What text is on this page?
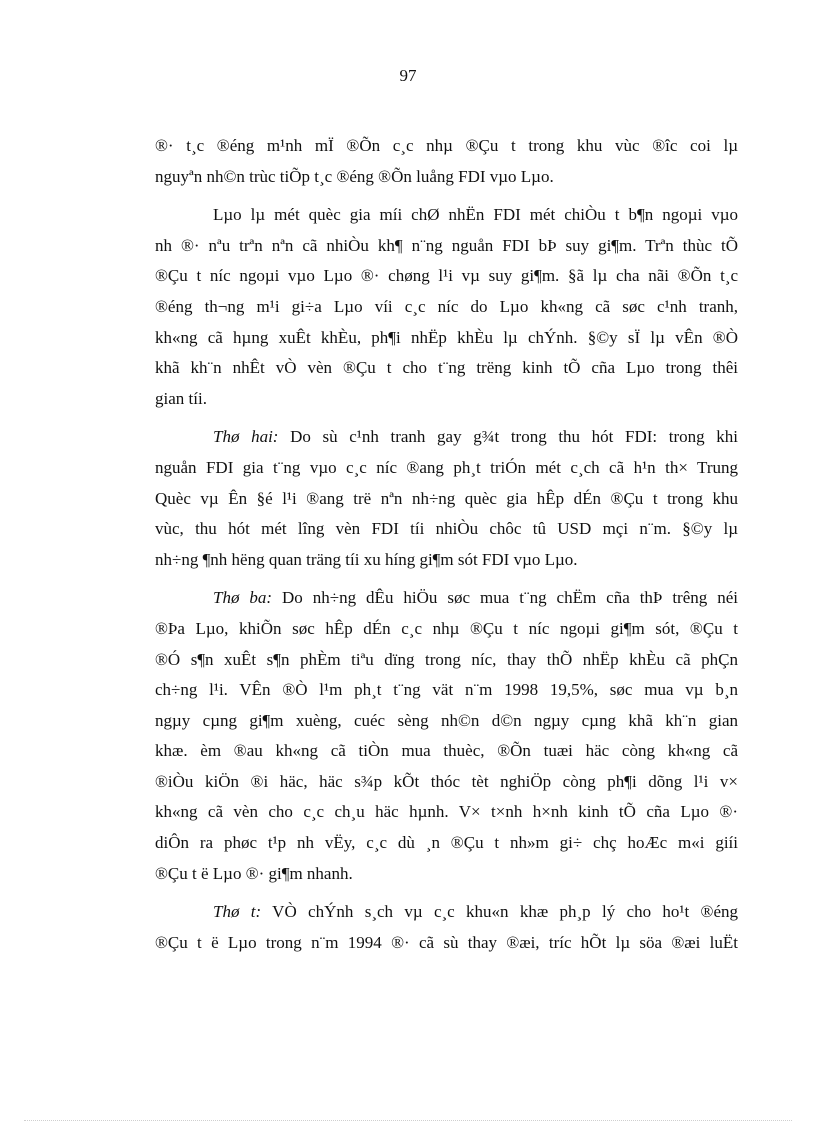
97

®· t¸c ®éng m¹nh mÏ ®Õn c¸c nhµ ®Çu t trong khu vùc ®îc coi lµ
nguyªn nh©n trùc tiÕp t¸c ®éng ®Õn luång FDI vµo Lµo.

Lµo lµ mét quèc gia míi chØ nhËn FDI mét chiÒu t b¶n ngoµi vµo
nh ®· nªu trªn nªn cã nhiÒu kh¶ n¨ng nguån FDI bÞ suy gi¶m. Trªn thùc tÕ
®Çu t níc ngoµi vµo Lµo ®· chøng l¹i vµ suy gi¶m. §ã lµ cha nãi ®Õn t¸c
®éng th¬ng m¹i gi÷a Lµo víi c¸c níc do Lµo kh«ng cã søc c¹nh tranh,
kh«ng cã hµng xuÊt khÈu, ph¶i nhËp khÈu lµ chÝnh. §©y sÏ lµ vÊn ®Ò
khã kh¨n nhÊt vÒ vèn ®Çu t cho t¨ng trëng kinh tÕ cña Lµo trong thêi
gian tíi.

Thø hai: Do sù c¹nh tranh gay g¾t trong thu hót FDI: trong khi
nguån FDI gia t¨ng vµo c¸c níc ®ang ph¸t triÓn mét c¸ch cã h¹n th× Trung
Quèc vµ Ên §é l¹i ®ang trë nªn nh÷ng quèc gia hÊp dÉn ®Çu t trong khu
vùc, thu hót mét lîng vèn FDI tíi nhiÒu chôc tû USD mçi n¨m. §©y lµ
nh÷ng ¶nh hëng quan träng tíi xu híng gi¶m sót FDI vµo Lµo.

Thø ba: Do nh÷ng dÊu hiÖu søc mua t¨ng chËm cña thÞ trêng néi
®Þa Lµo, khiÕn søc hÊp dÉn c¸c nhµ ®Çu t níc ngoµi gi¶m sót, ®Çu t
®Ó s¶n xuÊt s¶n phÈm tiªu dïng trong níc, thay thÕ nhËp khÈu cã phÇn
ch÷ng l¹i. VÊn ®Ò l¹m ph¸t t¨ng vät n¨m 1998 19,5%, søc mua vµ b¸n
ngµy cµng gi¶m xuèng, cuéc sèng nh©n d©n ngµy cµng khã kh¨n gian
khæ. èm ®au kh«ng cã tiÒn mua thuèc, ®Õn tuæi häc còng kh«ng cã
®iÒu kiÖn ®i häc, häc s¾p kÕt thóc tèt nghiÖp còng ph¶i dõng l¹i v×
kh«ng cã vèn cho c¸c ch¸u häc hµnh. V× t×nh h×nh kinh tÕ cña Lµo ®·
diÔn ra phøc t¹p nh vËy, c¸c dù ¸n ®Çu t nh»m gi÷ chç hoÆc m«i giíi
®Çu t ë Lµo ®· gi¶m nhanh.

Thø t: VÒ chÝnh s¸ch vµ c¸c khu«n khæ ph¸p lý cho ho¹t ®éng
®Çu t ë Lµo trong n¨m 1994 ®· cã sù thay ®æi, tríc hÕt lµ söa ®æi luËt
